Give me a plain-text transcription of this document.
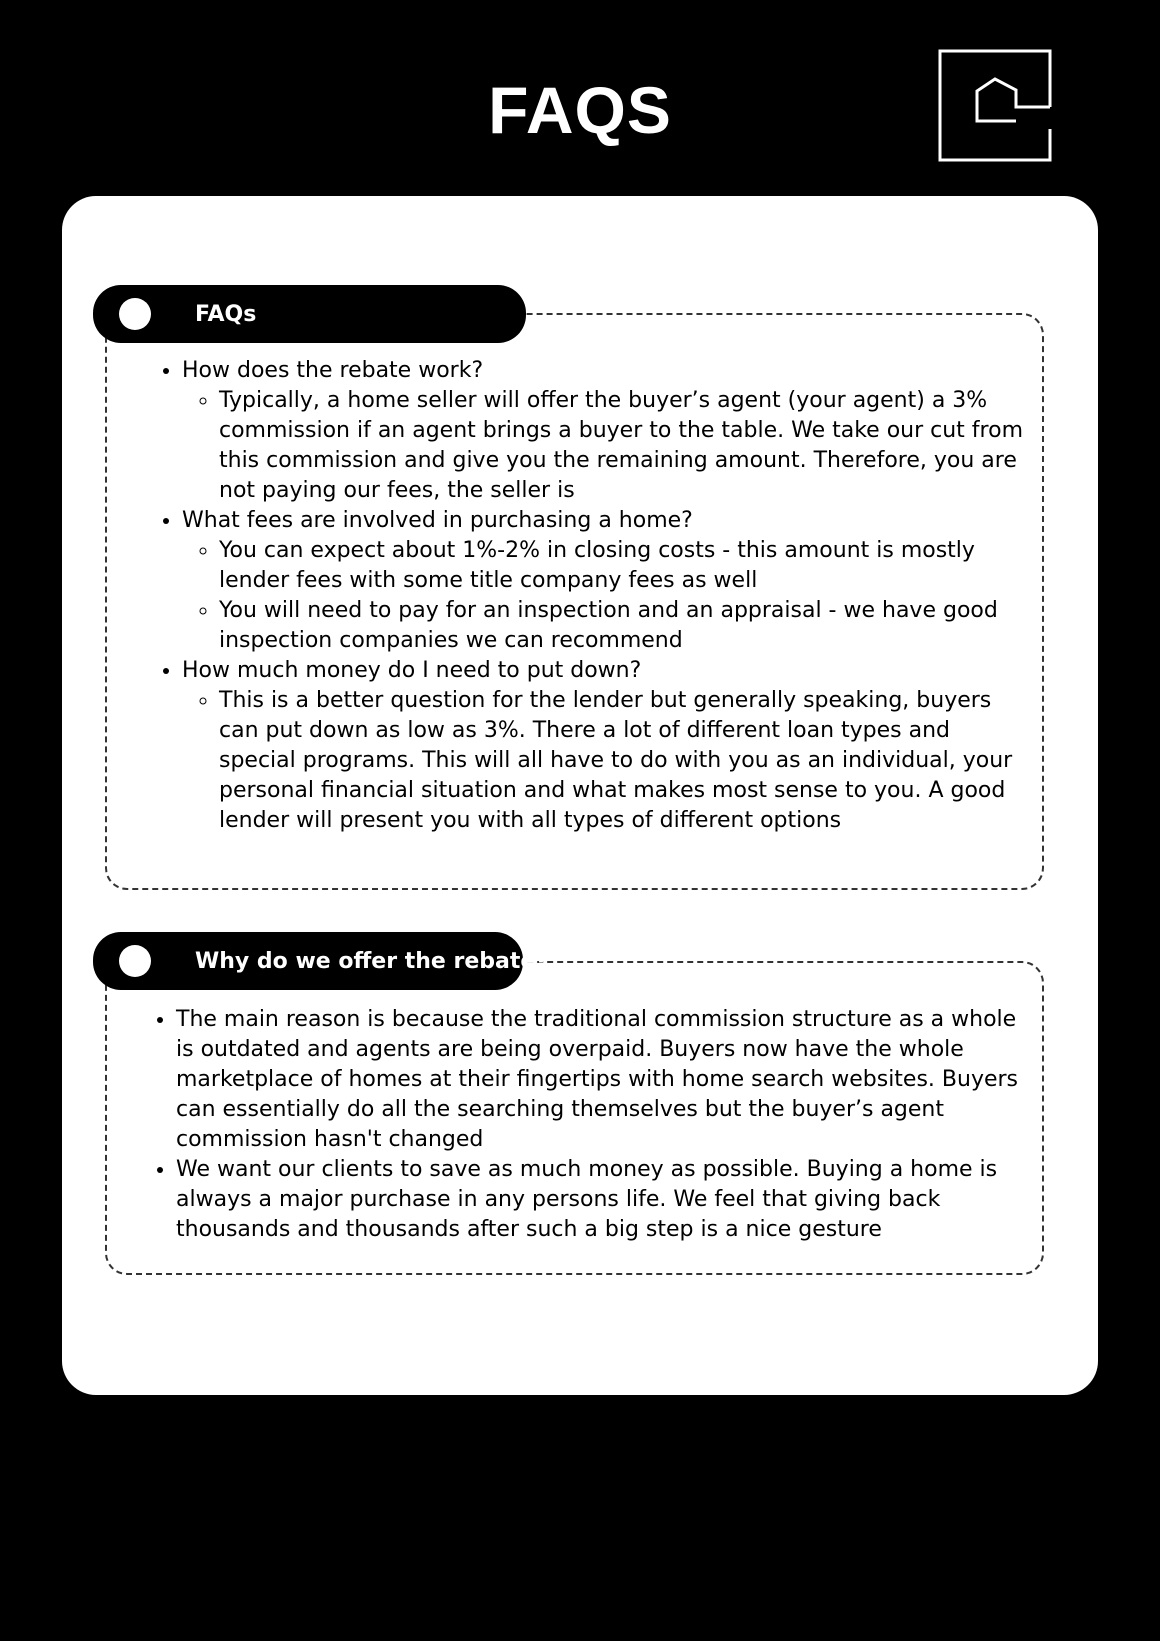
FAQS
FAQs
• How does the rebate work?
◦ Typically, a home seller will offer the buyer’s agent (your agent) a 3% commission if an agent brings a buyer to the table. We take our cut from this commission and give you the remaining amount. Therefore, you are not paying our fees, the seller is
• What fees are involved in purchasing a home?
◦ You can expect about 1%-2% in closing costs - this amount is mostly lender fees with some title company fees as well
◦ You will need to pay for an inspection and an appraisal - we have good inspection companies we can recommend
• How much money do I need to put down?
◦ This is a better question for the lender but generally speaking, buyers can put down as low as 3%. There a lot of different loan types and special programs. This will all have to do with you as an individual, your personal financial situation and what makes most sense to you. A good lender will present you with all types of different options
Why do we offer the rebate?
• The main reason is because the traditional commission structure as a whole is outdated and agents are being overpaid. Buyers now have the whole marketplace of homes at their fingertips with home search websites. Buyers can essentially do all the searching themselves but the buyer’s agent commission hasn't changed
• We want our clients to save as much money as possible. Buying a home is always a major purchase in any persons life. We feel that giving back thousands and thousands after such a big step is a nice gesture
